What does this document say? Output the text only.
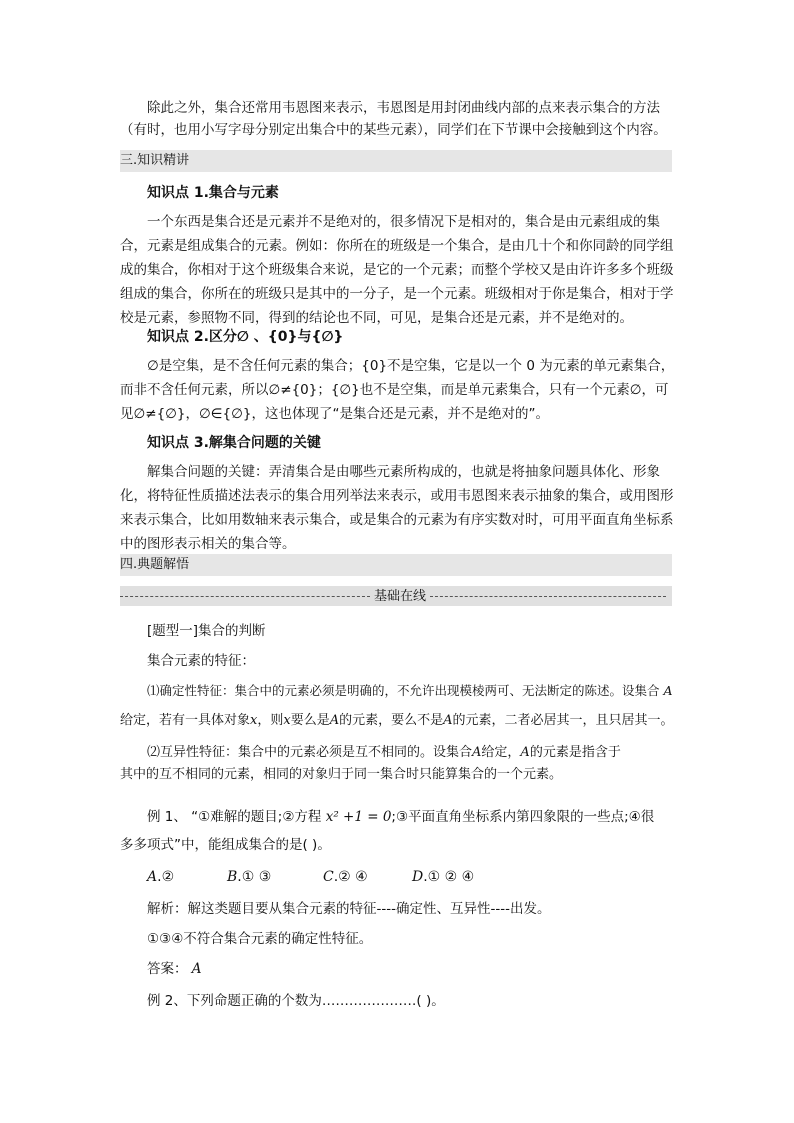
除此之外，集合还常用韦恩图来表示，韦恩图是用封闭曲线内部的点来表示集合的方法

（有时，也用小写字母分别定出集合中的某些元素），同学们在下节课中会接触到这个内容。

三.知识精讲
知识点 1.集合与元素

一个东西是集合还是元素并不是绝对的，很多情况下是相对的，集合是由元素组成的集合，元素是组成集合的元素。例如：你所在的班级是一个集合，是由几十个和你同龄的同学组成的集合，你相对于这个班级集合来说，是它的一个元素；而整个学校又是由许许多多个班级组成的集合，你所在的班级只是其中的一分子，是一个元素。班级相对于你是集合，相对于学校是元素，参照物不同，得到的结论也不同，可见，是集合还是元素，并不是绝对的。

知识点 2.区分∅ 、{0}与{∅}

∅是空集，是不含任何元素的集合；{0}不是空集，它是以一个 0 为元素的单元素集合，而非不含任何元素，所以∅≠{0}；{∅}也不是空集，而是单元素集合，只有一个元素∅，可见∅≠{∅}，∅∈{∅}，这也体现了“是集合还是元素，并不是绝对的”。

知识点 3.解集合问题的关键

解集合问题的关键：弄清集合是由哪些元素所构成的，也就是将抽象问题具体化、形象化，将特征性质描述法表示的集合用列举法来表示，或用韦恩图来表示抽象的集合，或用图形来表示集合，比如用数轴来表示集合，或是集合的元素为有序实数对时，可用平面直角坐标系中的图形表示相关的集合等。

四.典题解悟
基础在线
[题型一]集合的判断
集合元素的特征：
⑴确定性特征：集合中的元素必须是明确的，不允许出现模棱两可、无法断定的陈述。设集合 A
给定，若有一具体对象x，则x要么是A的元素，要么不是A的元素，二者必居其一，且只居其一。
⑵互异性特征：集合中的元素必须是互不相同的。设集合A给定，A的元素是指含于
其中的互不相同的元素，相同的对象归于同一集合时只能算集合的一个元素。
例 1、 “①难解的题目;②方程 x² +1 = 0;③平面直角坐标系内第四象限的一些点;④很
多多项式”中，能组成集合的是( )。
A.②	B.① ③	C.② ④	D.① ② ④
解析：解这类题目要从集合元素的特征----确定性、互异性----出发。
①③④不符合集合元素的确定性特征。
答案： A
例 2、下列命题正确的个数为…………………( )。
